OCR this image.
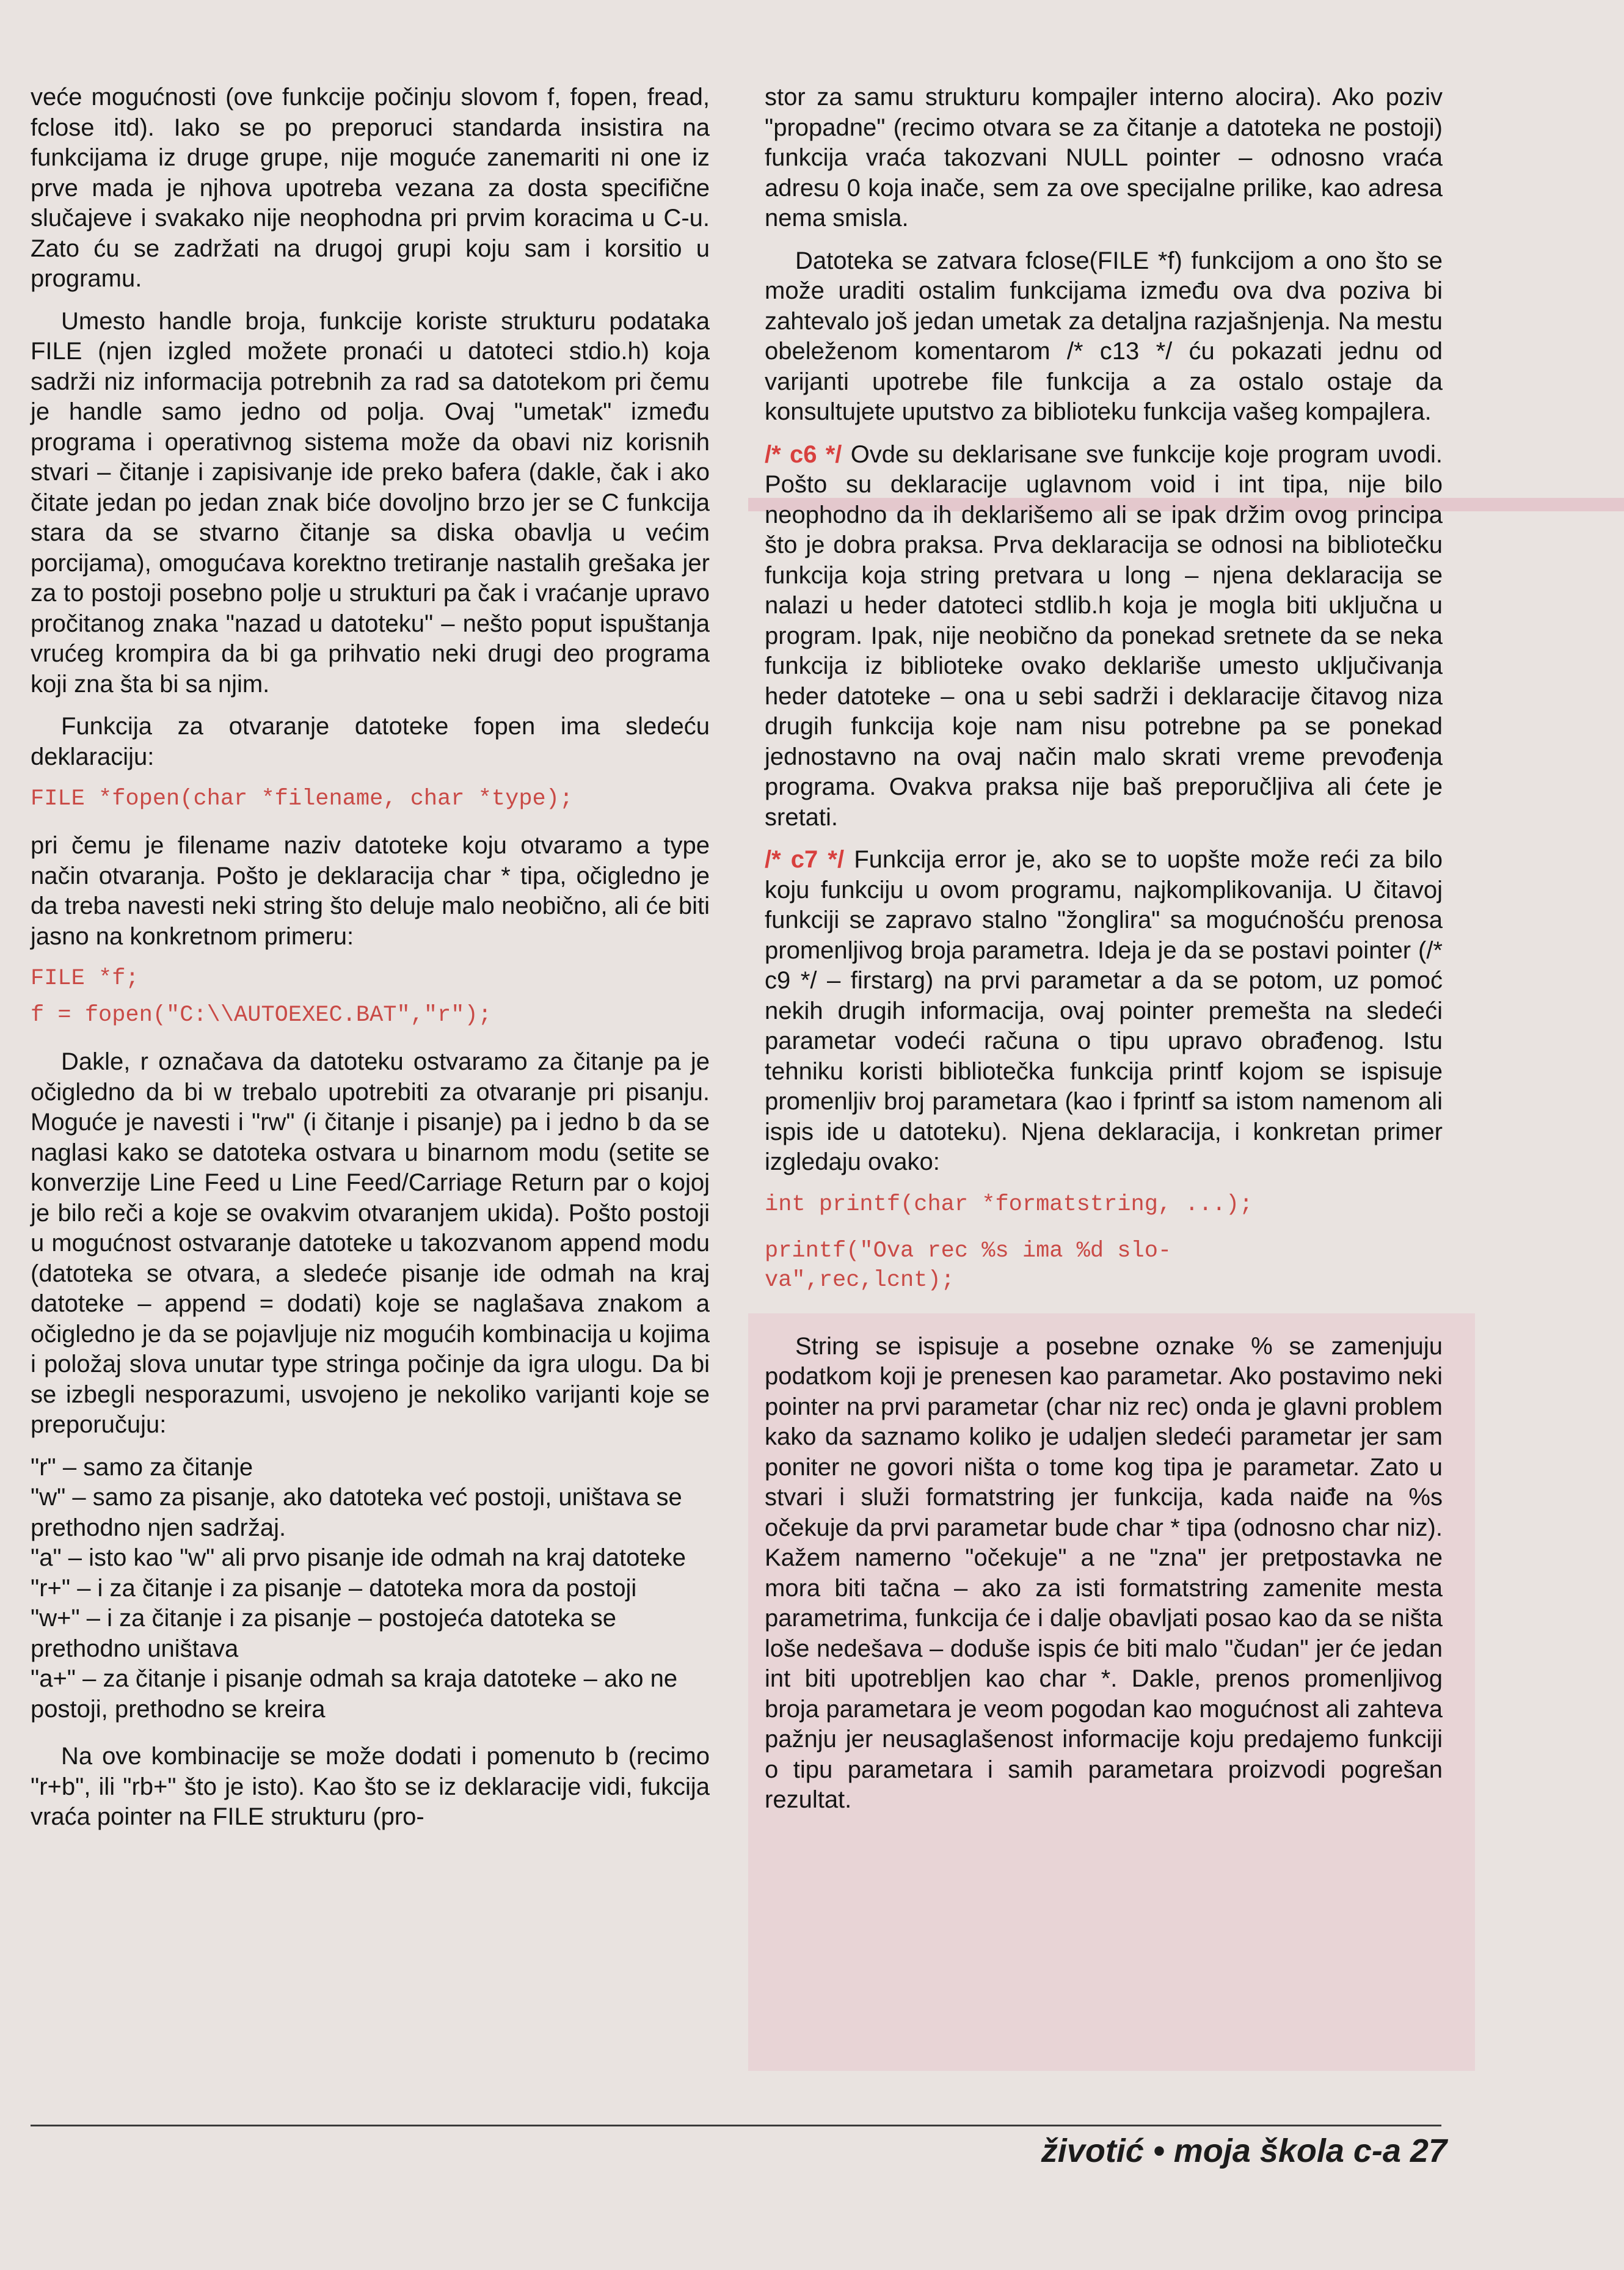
veće mogućnosti (ove funkcije počinju slovom f, fopen, fread, fclose itd). Iako se po preporuci standarda insistira na funkcijama iz druge grupe, nije moguće zanemariti ni one iz prve mada je njhova upotreba vezana za dosta specifične slučajeve i svakako nije neophodna pri prvim koracima u C-u. Zato ću se zadržati na drugoj grupi koju sam i korsitio u programu.

Umesto handle broja, funkcije koriste strukturu podataka FILE (njen izgled možete pronaći u datoteci stdio.h) koja sadrži niz informacija potrebnih za rad sa datotekom pri čemu je handle samo jedno od polja. Ovaj "umetak" između programa i operativnog sistema može da obavi niz korisnih stvari – čitanje i zapisivanje ide preko bafera (dakle, čak i ako čitate jedan po jedan znak biće dovoljno brzo jer se C funkcija stara da se stvarno čitanje sa diska obavlja u većim porcijama), omogućava korektno tretiranje nastalih grešaka jer za to postoji posebno polje u strukturi pa čak i vraćanje upravo pročitanog znaka "nazad u datoteku" – nešto poput ispuštanja vrućeg krompira da bi ga prihvatio neki drugi deo programa koji zna šta bi sa njim.

Funkcija za otvaranje datoteke fopen ima sledeću deklaraciju:

FILE *fopen(char *filename, char *type);

pri čemu je filename naziv datoteke koju otvaramo a type način otvaranja. Pošto je deklaracija char * tipa, očigledno je da treba navesti neki string što deluje malo neobično, ali će biti jasno na konkretnom primeru:

FILE *f;
f = fopen("C:\\AUTOEXEC.BAT","r");

Dakle, r označava da datoteku ostvaramo za čitanje pa je očigledno da bi w trebalo upotrebiti za otvaranje pri pisanju. Moguće je navesti i "rw" (i čitanje i pisanje) pa i jedno b da se naglasi kako se datoteka ostvara u binarnom modu (setite se konverzije Line Feed u Line Feed/Carriage Return par o kojoj je bilo reči a koje se ovakvim otvaranjem ukida). Pošto postoji u mogućnost ostvaranje datoteke u takozvanom append modu (datoteka se otvara, a sledeće pisanje ide odmah na kraj datoteke – append = dodati) koje se naglašava znakom a očigledno je da se pojavljuje niz mogućih kombinacija u kojima i položaj slova unutar type stringa počinje da igra ulogu. Da bi se izbegli nesporazumi, usvojeno je nekoliko varijanti koje se preporučuju:

"r" – samo za čitanje
"w" – samo za pisanje, ako datoteka već postoji, uništava se prethodno njen sadržaj.
"a" – isto kao "w" ali prvo pisanje ide odmah na kraj datoteke
"r+" – i za čitanje i za pisanje – datoteka mora da postoji
"w+" – i za čitanje i za pisanje – postojeća datoteka se prethodno uništava
"a+" – za čitanje i pisanje odmah sa kraja datoteke – ako ne postoji, prethodno se kreira

Na ove kombinacije se može dodati i pomenuto b (recimo "r+b", ili "rb+" što je isto). Kao što se iz deklaracije vidi, fukcija vraća pointer na FILE strukturu (pro-

stor za samu strukturu kompajler interno alocira). Ako poziv "propadne" (recimo otvara se za čitanje a datoteka ne postoji) funkcija vraća takozvani NULL pointer – odnosno vraća adresu 0 koja inače, sem za ove specijalne prilike, kao adresa nema smisla.

Datoteka se zatvara fclose(FILE *f) funkcijom a ono što se može uraditi ostalim funkcijama između ova dva poziva bi zahtevalo još jedan umetak za detaljna razjašnjenja. Na mestu obeleženom komentarom /* c13 */ ću pokazati jednu od varijanti upotrebe file funkcija a za ostalo ostaje da konsultujete uputstvo za biblioteku funkcija vašeg kompajlera.

/* c6 */ Ovde su deklarisane sve funkcije koje program uvodi. Pošto su deklaracije uglavnom void i int tipa, nije bilo neophodno da ih deklarišemo ali se ipak držim ovog principa što je dobra praksa. Prva deklaracija se odnosi na bibliotečku funkcija koja string pretvara u long – njena deklaracija se nalazi u heder datoteci stdlib.h koja je mogla biti uključna u program. Ipak, nije neobično da ponekad sretnete da se neka funkcija iz biblioteke ovako deklariše umesto uključivanja heder datoteke – ona u sebi sadrži i deklaracije čitavog niza drugih funkcija koje nam nisu potrebne pa se ponekad jednostavno na ovaj način malo skrati vreme prevođenja programa. Ovakva praksa nije baš preporučljiva ali ćete je sretati.

/* c7 */ Funkcija error je, ako se to uopšte može reći za bilo koju funkciju u ovom programu, najkomplikovanija. U čitavoj funkciji se zapravo stalno "žonglira" sa mogućnošću prenosa promenljivog broja parametra. Ideja je da se postavi pointer (/* c9 */ – firstarg) na prvi parametar a da se potom, uz pomoć nekih drugih informacija, ovaj pointer premešta na sledeći parametar vodeći računa o tipu upravo obrađenog. Istu tehniku koristi bibliotečka funkcija printf kojom se ispisuje promenljiv broj parametara (kao i fprintf sa istom namenom ali ispis ide u datoteku). Njena deklaracija, i konkretan primer izgledaju ovako:

int printf(char *formatstring, ...);
printf("Ova rec %s ima %d slo-
va",rec,lcnt);

String se ispisuje a posebne oznake % se zamenjuju podatkom koji je prenesen kao parametar. Ako postavimo neki pointer na prvi parametar (char niz rec) onda je glavni problem kako da saznamo koliko je udaljen sledeći parametar jer sam poniter ne govori ništa o tome kog tipa je parametar. Zato u stvari i služi formatstring jer funkcija, kada naiđe na %s očekuje da prvi parametar bude char * tipa (odnosno char niz). Kažem namerno "očekuje" a ne "zna" jer pretpostavka ne mora biti tačna – ako za isti formatstring zamenite mesta parametrima, funkcija će i dalje obavljati posao kao da se ništa loše nedešava – doduše ispis će biti malo "čudan" jer će jedan int biti upotrebljen kao char *. Dakle, prenos promenljivog broja parametara je veom pogodan kao mogućnost ali zahteva pažnju jer neusaglašenost informacije koju predajemo funkciji o tipu parametara i samih parametara proizvodi pogrešan rezultat.

životić • moja škola c-a 27
